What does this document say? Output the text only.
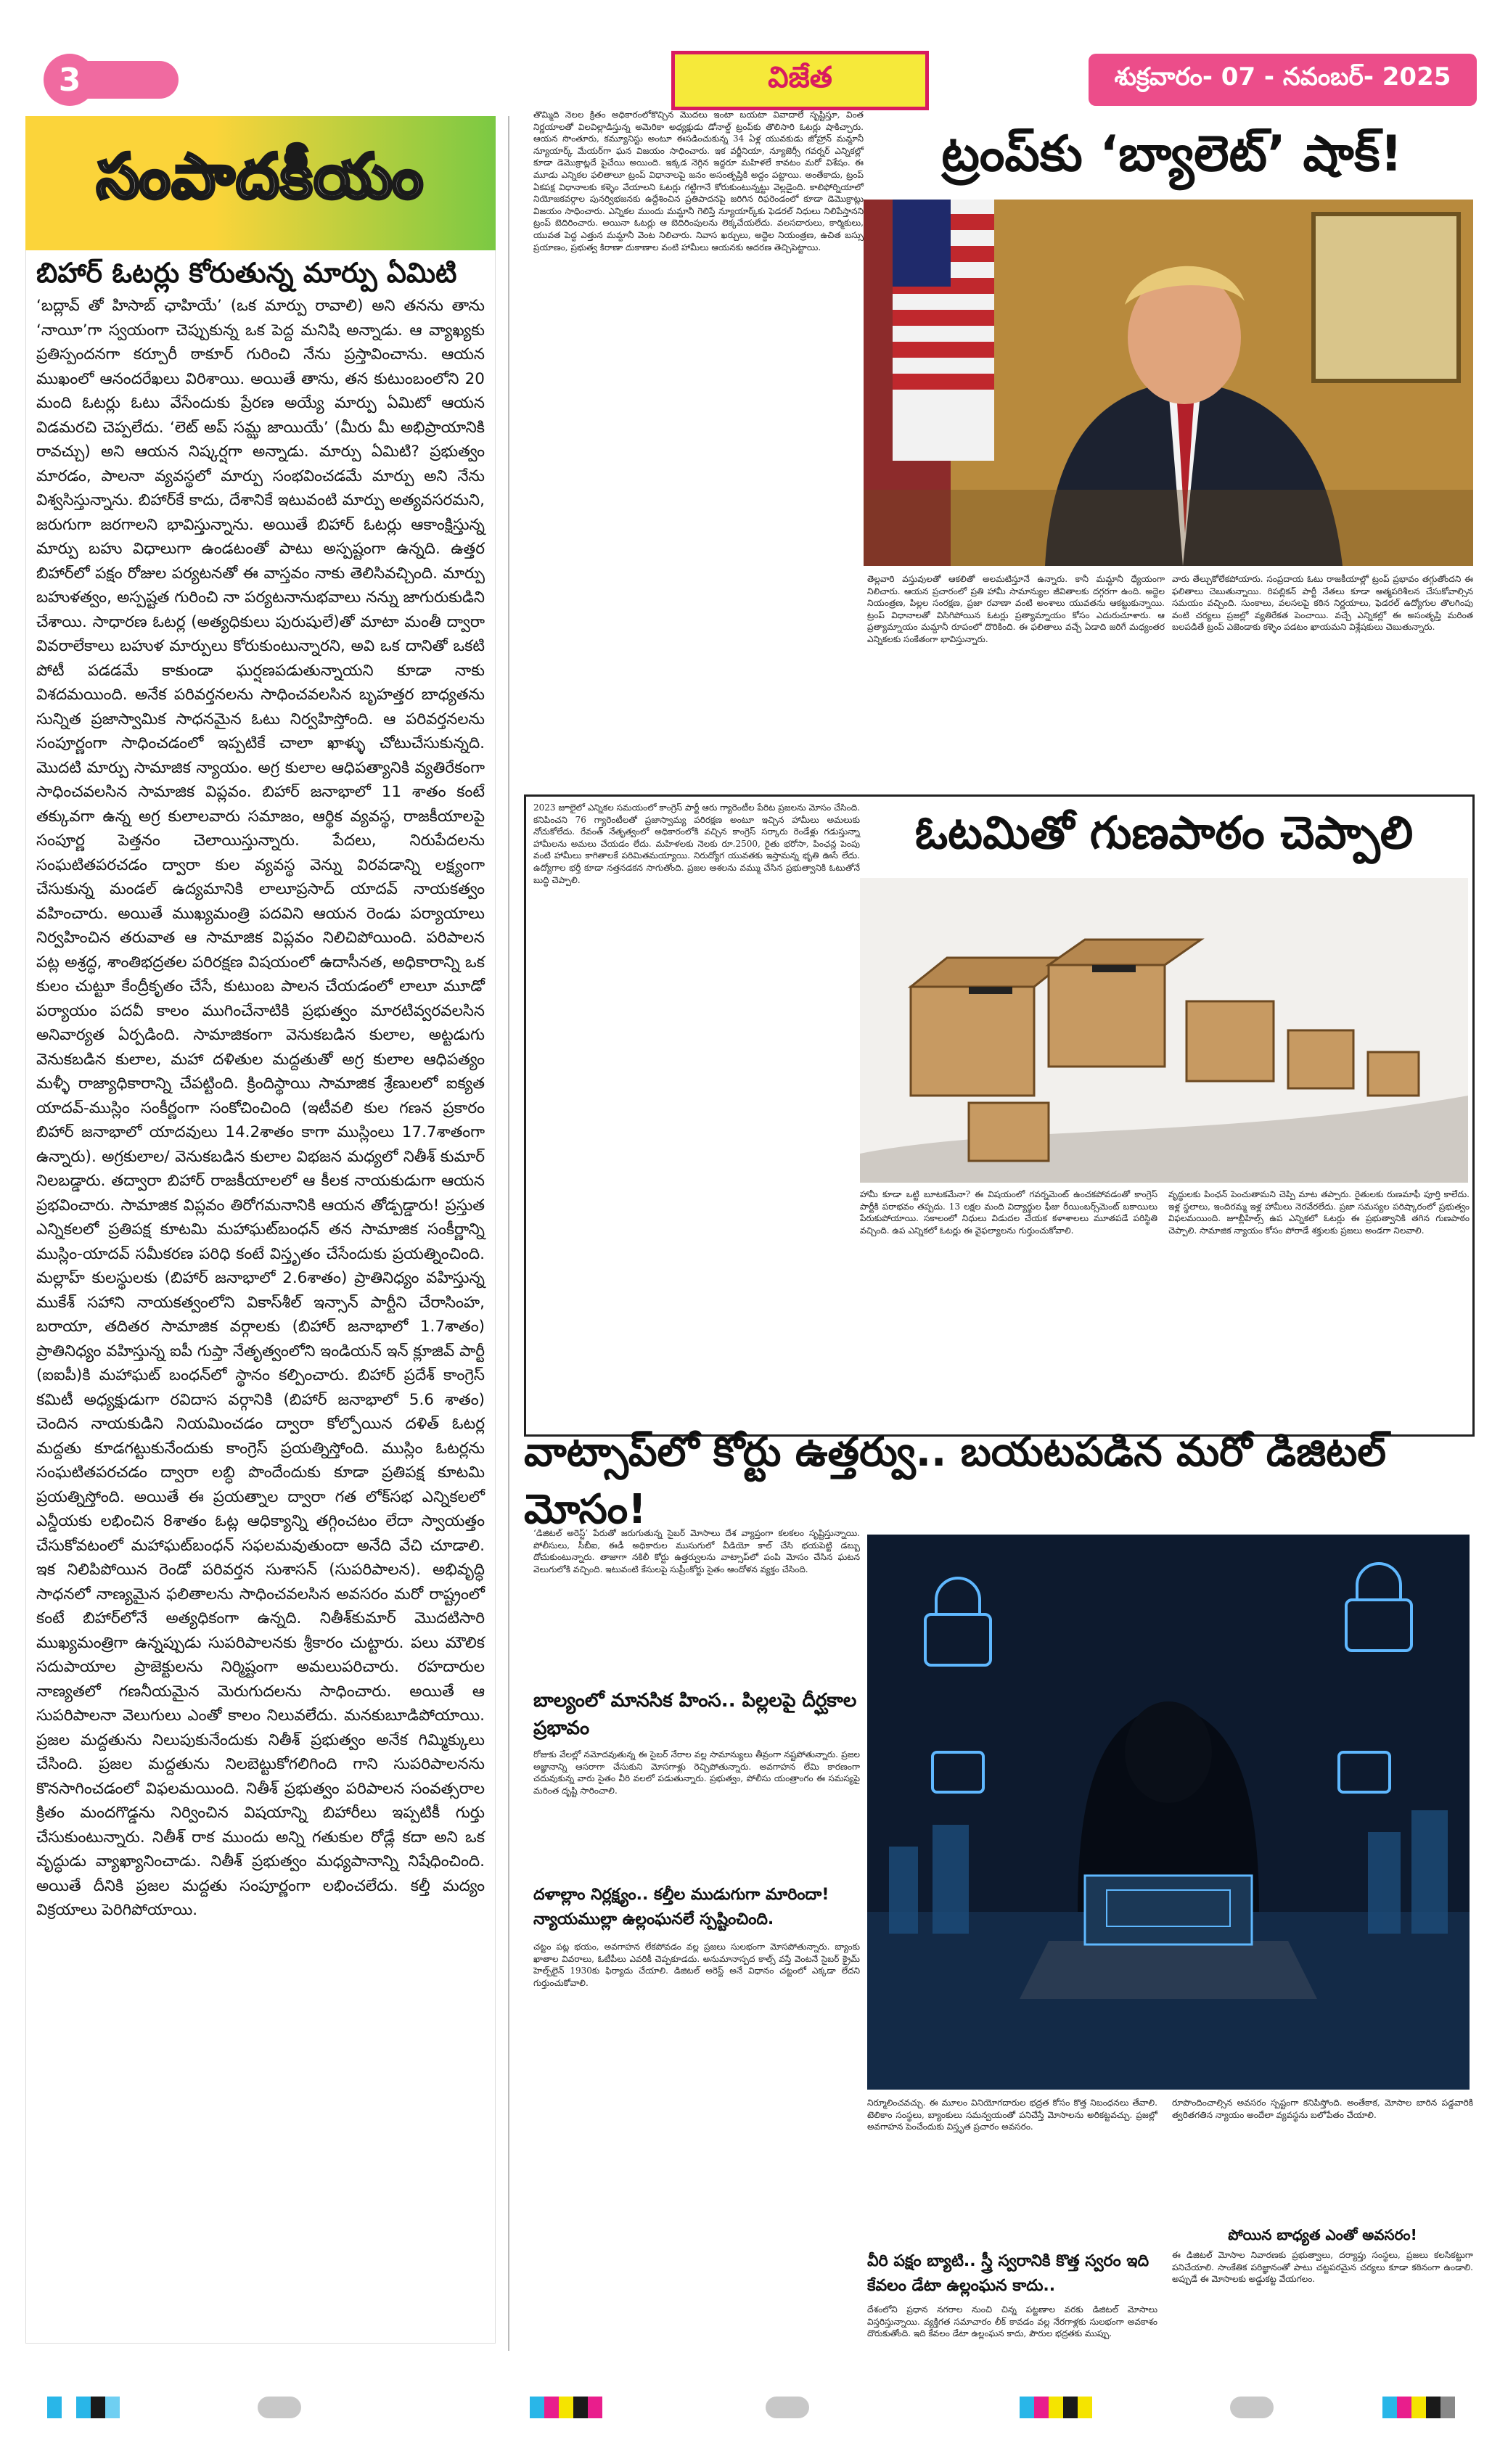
3	విజేత	శుక్రవారం- 07 - నవంబర్- 2025
సంపాదకీయం
బిహార్ ఓటర్లు కోరుతున్న మార్పు ఏమిటి
‘బద్లావ్ తో హిసాబ్ ఛాహియే’ (ఒక మార్పు రావాలి) అని తనను తాను ‘నాయీ’గా స్వయంగా చెప్పుకున్న ఒక పెద్ద మనిషి అన్నాడు. ఆ వ్యాఖ్యకు ప్రతిస్పందనగా కర్పూరీ ఠాకూర్ గురించి నేను ప్రస్తావించాను. ఆయన ముఖంలో ఆనందరేఖలు విరిశాయి. అయితే తాను, తన కుటుంబంలోని 20 మంది ఓటర్లు ఓటు వేసేందుకు ప్రేరణ అయ్యే మార్పు ఏమిటో ఆయన విడమరచి చెప్పలేదు. ‘లెట్ అప్ సమ్ఝ జాయియే’ (మీరు మీ అభిప్రాయానికి రావచ్చు) అని ఆయన నిష్కర్షగా అన్నాడు. మార్పు ఏమిటి? ప్రభుత్వం మారడం, పాలనా వ్యవస్థలో మార్పు సంభవించడమే మార్పు అని నేను విశ్వసిస్తున్నాను. బిహార్‌కే కాదు, దేశానికే ఇటువంటి మార్పు అత్యవసరమని, జరుగుగా జరగాలని భావిస్తున్నాను. అయితే బిహార్ ఓటర్లు ఆకాంక్షిస్తున్న మార్పు బహు విధాలుగా ఉండటంతో పాటు అస్పష్టంగా ఉన్నది. ఉత్తర బిహార్‌లో పక్షం రోజుల పర్యటనతో ఈ వాస్తవం నాకు తెలిసివచ్చింది. మార్పు బహుళత్వం, అస్పష్టత గురించి నా పర్యటనానుభవాలు నన్ను జాగురుకుడిని చేశాయి. సాధారణ ఓటర్ల (అత్యధికులు పురుషులే)తో మాటా మంతీ ద్వారా వివరాలేకాలు బహుళ మార్పులు కోరుకుంటున్నారని, అవి ఒక దానితో ఒకటి పోటీ పడడమే కాకుండా ఘర్షణపడుతున్నాయని కూడా నాకు విశదమయింది. అనేక పరివర్తనలను సాధించవలసిన బృహత్తర బాధ్యతను సున్నిత ప్రజాస్వామిక సాధనమైన ఓటు నిర్వహిస్తోంది. ఆ పరివర్తనలను సంపూర్ణంగా సాధించడంలో ఇప్పటికే చాలా ఖాళ్ళు చోటుచేసుకున్నది. మొదటి మార్పు సామాజిక న్యాయం. అగ్ర కులాల ఆధిపత్యానికి వ్యతిరేకంగా సాధించవలసిన సామాజిక విప్లవం. బిహార్ జనాభాలో 11 శాతం కంటే తక్కువగా ఉన్న అగ్ర కులాలవారు సమాజం, ఆర్థిక వ్యవస్థ, రాజకీయాలపై సంపూర్ణ పెత్తనం చెలాయిస్తున్నారు. పేదలు, నిరుపేదలను సంఘటితపరచడం ద్వారా కుల వ్యవస్థ వెన్ను విరవడాన్ని లక్ష్యంగా చేసుకున్న మండల్ ఉద్యమానికి లాలూప్రసాద్ యాదవ్ నాయకత్వం వహించారు. అయితే ముఖ్యమంత్రి పదవిని ఆయన రెండు పర్యాయాలు నిర్వహించిన తరువాత ఆ సామాజిక విప్లవం నిలిచిపోయింది. పరిపాలన పట్ల అశ్రద్ధ, శాంతిభద్రతల పరిరక్షణ విషయంలో ఉదాసీనత, అధికారాన్ని ఒక కులం చుట్టూ కేంద్రీకృతం చేసే, కుటుంబ పాలన చేయడంలో లాలూ మూడో పర్యాయం పదవీ కాలం ముగించేనాటికి ప్రభుత్వం మారటివ్వరవలసిన అనివార్యత ఏర్పడింది. సామాజికంగా వెనుకబడిన కులాల, అట్టడుగు వెనుకబడిన కులాల, మహా దళితుల మద్దతుతో అగ్ర కులాల ఆధిపత్యం మళ్ళీ రాజ్యాధికారాన్ని చేపట్టింది. క్రిందిస్థాయి సామాజిక శ్రేణులలో ఐక్యత యాదవ్-ముస్లిం సంకీర్ణంగా సంకోచించింది (ఇటీవలి కుల గణన ప్రకారం బిహార్ జనాభాలో యాదవులు 14.2శాతం కాగా ముస్లింలు 17.7శాతంగా ఉన్నారు). అగ్రకులాల/ వెనుకబడిన కులాల విభజన మధ్యలో నితీశ్ కుమార్ నిలబడ్డారు. తద్వారా బిహార్ రాజకీయాలలో ఆ కీలక నాయకుడుగా ఆయన ప్రభవించారు. సామాజిక విప్లవం తిరోగమనానికి ఆయన తోడ్పడ్డారు! ప్రస్తుత ఎన్నికలలో ప్రతిపక్ష కూటమి మహాఘట్‌బంధన్ తన సామాజిక సంకీర్ణాన్ని ముస్లిం-యాదవ్ సమీకరణ పరిధి కంటే విస్తృతం చేసేందుకు ప్రయత్నించింది. మల్లాహ్ కులస్థులకు (బిహార్ జనాభాలో 2.6శాతం) ప్రాతినిధ్యం వహిస్తున్న ముకేశ్ సహాని నాయకత్వంలోని వికాస్‌శీల్ ఇన్సాన్ పార్టీని చేరాసింహ, బరాయా, తదితర సామాజిక వర్గాలకు (బిహార్ జనాభాలో 1.7శాతం) ప్రాతినిధ్యం వహిస్తున్న ఐపీ గుప్తా నేతృత్వంలోని ఇండియన్ ఇన్ క్లూజివ్ పార్టీ (ఐఐపీ)కి మహాఘట్ బంధన్‌లో స్థానం కల్పించారు. బిహార్ ప్రదేశ్ కాంగ్రెస్ కమిటీ అధ్యక్షుడుగా రవిదాస వర్గానికి (బిహార్ జనాభాలో 5.6 శాతం) చెందిన నాయకుడిని నియమించడం ద్వారా కోల్పోయిన దళిత్ ఓటర్ల మద్దతు కూడగట్టుకునేందుకు కాంగ్రెస్ ప్రయత్నిస్తోంది. ముస్లిం ఓటర్లను సంఘటితపరచడం ద్వారా లబ్ధి పొందేందుకు కూడా ప్రతిపక్ష కూటమి ప్రయత్నిస్తోంది. అయితే ఈ ప్రయత్నాల ద్వారా గత లోక్‌సభ ఎన్నికలలో ఎన్డీయకు లభించిన 8శాతం ఓట్ల ఆధిక్యాన్ని తగ్గించటం లేదా స్వాయత్తం చేసుకోవటంలో మహాఘట్‌బంధన్ సఫలమవుతుందా అనేది వేచి చూడాలి. ఇక నిలిపిపోయిన రెండో పరివర్తన సుశాసన్ (సుపరిపాలన). అభివృద్ధి సాధనలో నాణ్యమైన ఫలితాలను సాధించవలసిన అవసరం మరో రాష్ట్రంలో కంటే బిహార్‌లోనే అత్యధికంగా ఉన్నది. నితీశ్‌కుమార్ మొదటిసారి ముఖ్యమంత్రిగా ఉన్నప్పుడు సుపరిపాలనకు శ్రీకారం చుట్టారు. పలు మౌలిక సదుపాయాల ప్రాజెక్టులను నిర్మిష్టంగా అమలుపరిచారు. రహదారుల నాణ్యతలో గణనీయమైన మెరుగుదలను సాధించారు. అయితే ఆ సుపరిపాలనా వెలుగులు ఎంతో కాలం నిలువలేదు. మనకుబూడిపోయాయి. ప్రజల మద్దతును నిలుపుకునేందుకు నితీశ్ ప్రభుత్వం అనేక గిమ్మిక్కులు చేసింది. ప్రజల మద్దతును నిలబెట్టుకోగలిగింది గాని సుపరిపాలనను కొనసాగించడంలో విఫలమయింది. నితీశ్ ప్రభుత్వం పరిపాలన సంవత్సరాల క్రితం మందగొడ్డను నిర్వించిన విషయాన్ని బిహారీలు ఇప్పటికీ గుర్తు చేసుకుంటున్నారు. నితీశ్ రాక ముందు అన్ని గతుకుల రోడ్లే కదా అని ఒక వృద్ధుడు వ్యాఖ్యానించాడు. నితీశ్ ప్రభుత్వం మధ్యపానాన్ని నిషేధించింది. అయితే దీనికి ప్రజల మద్దతు సంపూర్ణంగా లభించలేదు. కల్తీ మద్యం విక్రయాలు పెరిగిపోయాయి.
తొమ్మిది నెలల క్రితం అధికారంలోకొచ్చిన మొదలు ఇంటా బయటా వివాదాలే సృష్టిస్తూ, వింత నిర్ణయాలతో విలవిల్లాడిస్తున్న అమెరికా అధ్యక్షుడు డోనాల్డ్ ట్రంప్‌కు తొలిసారి ఓటర్లు షాకిచ్చారు. ఆయన సొంతూరు, కమ్యూనిస్టు అంటూ ఈసడించుకున్న 34 ఏళ్ల యువకుడు జోహ్రాన్ మమ్దానీ న్యూయార్క్ మేయర్‌గా ఘన విజయం సాధించారు. ఇక వర్జీనియా, న్యూజెర్సీ గవర్నర్ ఎన్నికల్లో కూడా డెమొక్రాట్లదే పైచేయి అయింది. ఇక్కడ నెగ్గిన ఇద్దరూ మహిళలే కావటం మరో విశేషం. ఈ మూడు ఎన్నికల ఫలితాలూ ట్రంప్ విధానాలపై జనం అసంతృప్తికి అద్దం పట్టాయి. అంతేకాదు, ట్రంప్ ఏకపక్ష విధానాలకు కళ్ళెం వేయాలని ఓటర్లు గట్టిగానే కోరుకుంటున్నట్టు వెల్లడైంది. కాలిఫోర్నియాలో నియోజకవర్గాల పునర్విభజనకు ఉద్దేశించిన ప్రతిపాదనపై జరిగిన రిఫరెండంలో కూడా డెమొక్రాట్లు విజయం సాధించారు. ఎన్నికల ముందు మమ్దానీ గెలిస్తే న్యూయార్క్‌కు ఫెడరల్ నిధులు నిలిపేస్తానని ట్రంప్ బెదిరించారు. అయినా ఓటర్లు ఆ బెదిరింపులను లెక్కచేయలేదు. వలసదారులు, కార్మికులు, యువత పెద్ద ఎత్తున మమ్దానీ వెంట నిలిచారు. నివాస ఖర్చులు, అద్దెల నియంత్రణ, ఉచిత బస్సు ప్రయాణం, ప్రభుత్వ కిరాణా దుకాణాల వంటి హామీలు ఆయనకు ఆదరణ తెచ్చిపెట్టాయి.
ట్రంప్‌కు ‘బ్యాలెట్’ షాక్!
తెల్లవారి వస్తువులతో ఆకలితో అలమటిస్తూనే ఉన్నారు. కానీ మమ్దానీ ధ్యేయంగా నిలిచారు. ఆయన ప్రచారంలో ప్రతి హామీ సామాన్యుల జీవితాలకు దగ్గరగా ఉంది. అద్దెల నియంత్రణ, పిల్లల సంరక్షణ, ప్రజా రవాణా వంటి అంశాలు యువతను ఆకట్టుకున్నాయి. ట్రంప్ విధానాలతో విసిగిపోయిన ఓటర్లు ప్రత్యామ్నాయం కోసం ఎదురుచూశారు. ఆ ప్రత్యామ్నాయం మమ్దానీ రూపంలో దొరికింది. ఈ ఫలితాలు వచ్చే ఏడాది జరిగే మధ్యంతర ఎన్నికలకు సంకేతంగా భావిస్తున్నారు.
వారు తేల్చుకోలేకపోయారు. సంప్రదాయ ఓటు రాజకీయాల్లో ట్రంప్ ప్రభావం తగ్గుతోందని ఈ ఫలితాలు చెబుతున్నాయి. రిపబ్లికన్ పార్టీ నేతలు కూడా ఆత్మపరిశీలన చేసుకోవాల్సిన సమయం వచ్చింది. సుంకాలు, వలసలపై కఠిన నిర్ణయాలు, ఫెడరల్ ఉద్యోగుల తొలగింపు వంటి చర్యలు ప్రజల్లో వ్యతిరేకత పెంచాయి. వచ్చే ఎన్నికల్లో ఈ అసంతృప్తి మరింత బలపడితే ట్రంప్ ఎజెండాకు కళ్ళెం పడటం ఖాయమని విశ్లేషకులు చెబుతున్నారు.
2023 జూలైలో ఎన్నికల సమయంలో కాంగ్రెస్ పార్టీ ఆరు గ్యారెంటీల పేరిట ప్రజలను మోసం చేసింది. కనిపించని 76 గ్యారెంటీలతో ప్రజాస్వామ్య పరిరక్షణ అంటూ ఇచ్చిన హామీలు అమలుకు నోచుకోలేదు. రేవంత్ నేతృత్వంలో అధికారంలోకి వచ్చిన కాంగ్రెస్ సర్కారు రెండేళ్లు గడుస్తున్నా హామీలను అమలు చేయడం లేదు. మహిళలకు నెలకు రూ.2500, రైతు భరోసా, పింఛన్ల పెంపు వంటి హామీలు కాగితాలకే పరిమితమయ్యాయి. నిరుద్యోగ యువతకు ఇస్తామన్న భృతి ఊసే లేదు. ఉద్యోగాల భర్తీ కూడా నత్తనడకన సాగుతోంది. ప్రజల ఆశలను వమ్ము చేసిన ప్రభుత్వానికి ఓటుతోనే బుద్ధి చెప్పాలి.
ఓటమితో గుణపాఠం చెప్పాలి
హామీ కూడా ఒట్టి బూటకమేనా? ఈ విషయంలో గవర్నమెంట్ ఉంచకపోవడంతో కాంగ్రెస్ పార్టీకి పరాభవం తప్పదు. 13 లక్షల మంది విద్యార్థుల ఫీజు రీయింబర్స్‌మెంట్ బకాయిలు పేరుకుపోయాయి. సకాలంలో నిధులు విడుదల చేయక కళాశాలలు మూతపడే పరిస్థితి వచ్చింది. ఉప ఎన్నికలో ఓటర్లు ఈ వైఫల్యాలను గుర్తుంచుకోవాలి.
వృద్ధులకు పింఛన్ పెంచుతామని చెప్పి మాట తప్పారు. రైతులకు రుణమాఫీ పూర్తి కాలేదు. ఇళ్ల స్థలాలు, ఇందిరమ్మ ఇళ్ల హామీలు నెరవేరలేదు. ప్రజా సమస్యల పరిష్కారంలో ప్రభుత్వం విఫలమయింది. జూబ్లీహిల్స్ ఉప ఎన్నికలో ఓటర్లు ఈ ప్రభుత్వానికి తగిన గుణపాఠం చెప్పాలి. సామాజిక న్యాయం కోసం పోరాడే శక్తులకు ప్రజలు అండగా నిలవాలి.
వాట్సాప్‌లో కోర్టు ఉత్తర్వు.. బయటపడిన మరో డిజిటల్ మోసం!
‘డిజిటల్ అరెస్ట్’ పేరుతో జరుగుతున్న సైబర్ మోసాలు దేశ వ్యాప్తంగా కలకలం సృష్టిస్తున్నాయి. పోలీసులు, సీబీఐ, ఈడీ అధికారుల ముసుగులో వీడియో కాల్ చేసి భయపెట్టి డబ్బు దోచుకుంటున్నారు. తాజాగా నకిలీ కోర్టు ఉత్తర్వులను వాట్సాప్‌లో పంపి మోసం చేసిన ఘటన వెలుగులోకి వచ్చింది. ఇటువంటి కేసులపై సుప్రీంకోర్టు సైతం ఆందోళన వ్యక్తం చేసింది.
బాల్యంలో మానసిక హింస.. పిల్లలపై దీర్ఘకాల ప్రభావం
రోజుకు వేలల్లో నమోదవుతున్న ఈ సైబర్ నేరాల వల్ల సామాన్యులు తీవ్రంగా నష్టపోతున్నారు. ప్రజల అజ్ఞానాన్ని ఆసరాగా చేసుకుని మోసగాళ్లు రెచ్చిపోతున్నారు. అవగాహన లేమి కారణంగా చదువుకున్న వారు సైతం వీరి వలలో పడుతున్నారు. ప్రభుత్వం, పోలీసు యంత్రాంగం ఈ సమస్యపై మరింత దృష్టి సారించాలి.
దళాల్లాం నిర్లక్ష్యం.. కల్తీల ముడుగుగా మారిందా! న్యాయముల్లా ఉల్లంఘనలే స్పష్టించింది.
చట్టం పట్ల భయం, అవగాహన లేకపోవడం వల్ల ప్రజలు సులభంగా మోసపోతున్నారు. బ్యాంకు ఖాతాల వివరాలు, ఓటీపీలు ఎవరికీ చెప్పకూడదు. అనుమానాస్పద కాల్స్ వస్తే వెంటనే సైబర్ క్రైమ్ హెల్ప్‌లైన్ 1930కు ఫిర్యాదు చేయాలి. డిజిటల్ అరెస్ట్ అనే విధానం చట్టంలో ఎక్కడా లేదని గుర్తుంచుకోవాలి.
నిర్మూలించవచ్చు. ఈ మూలం వినియోగదారుల భద్రత కోసం కొత్త నిబంధనలు తేవాలి. టెలికాం సంస్థలు, బ్యాంకులు సమన్వయంతో పనిచేస్తే మోసాలను అరికట్టవచ్చు. ప్రజల్లో అవగాహన పెంచేందుకు విస్తృత ప్రచారం అవసరం.
వీరి పక్షం బ్యాటి.. స్త్రీ స్వరానికి కొత్త స్వరం ఇది కేవలం డేటా ఉల్లంఘన కాదు..
దేశంలోని ప్రధాన నగరాల నుంచి చిన్న పట్టణాల వరకు డిజిటల్ మోసాలు విస్తరిస్తున్నాయి. వ్యక్తిగత సమాచారం లీక్ కావడం వల్ల నేరగాళ్లకు సులభంగా అవకాశం దొరుకుతోంది. ఇది కేవలం డేటా ఉల్లంఘన కాదు, పౌరుల భద్రతకు ముప్పు.
రూపొందించాల్సిన అవసరం స్పష్టంగా కనిపిస్తోంది. అంతేకాక, మోసాల బారిన పడ్డవారికి త్వరితగతిన న్యాయం అందేలా వ్యవస్థను బలోపేతం చేయాలి.
పోయిన బాధ్యత ఎంతో అవసరం!
ఈ డిజిటల్ మోసాల నివారణకు ప్రభుత్వాలు, దర్యాప్తు సంస్థలు, ప్రజలు కలసికట్టుగా పనిచేయాలి. సాంకేతిక పరిజ్ఞానంతో పాటు చట్టపరమైన చర్యలు కూడా కఠినంగా ఉండాలి. అప్పుడే ఈ మోసాలకు అడ్డుకట్ట వేయగలం.
